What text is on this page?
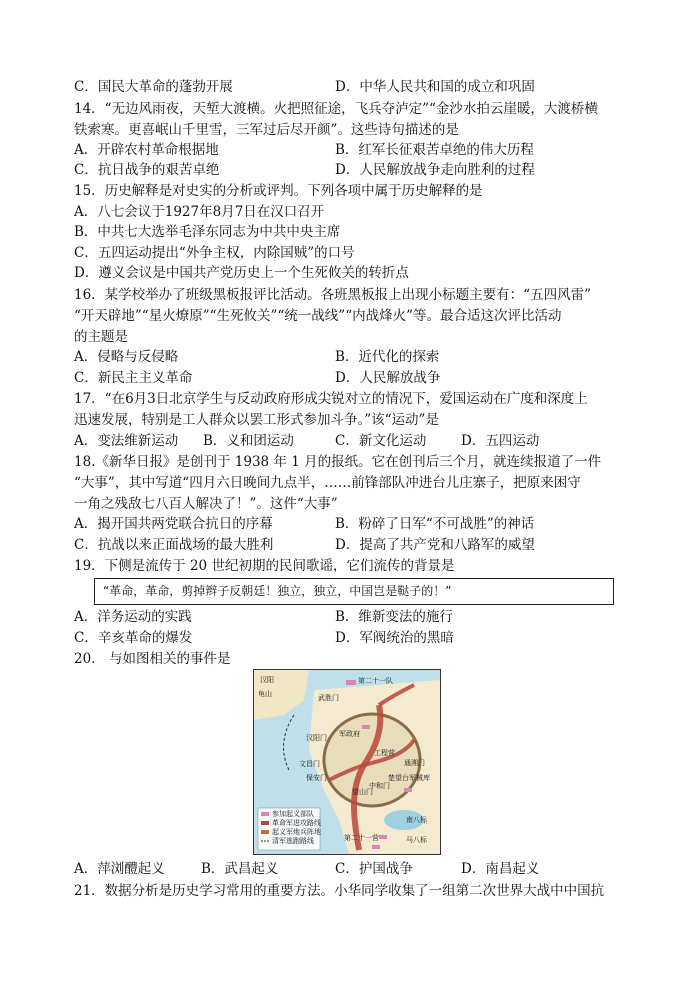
C．国民大革命的蓬勃开展	D．中华人民共和国的成立和巩固
14．“无边风雨夜，天堑大渡横。火把照征途，飞兵夺泸定”“金沙水拍云崖暖，大渡桥横
铁索寒。更喜岷山千里雪，三军过后尽开颜”。这些诗句描述的是
A．开辟农村革命根据地	B．红军长征艰苦卓绝的伟大历程
C．抗日战争的艰苦卓绝	D．人民解放战争走向胜利的过程
15．历史解释是对史实的分析或评判。下列各项中属于历史解释的是
A．八七会议于1927年8月7日在汉口召开
B．中共七大选举毛泽东同志为中共中央主席
C．五四运动提出“外争主权，内除国贼”的口号
D．遵义会议是中国共产党历史上一个生死攸关的转折点
16．某学校举办了班级黑板报评比活动。各班黑板报上出现小标题主要有：“五四风雷”
“开天辟地”“星火燎原”“生死攸关”“统一战线”“内战烽火”等。最合适这次评比活动
的主题是
A．侵略与反侵略	B．近代化的探索
C．新民主主义革命	D．人民解放战争
17．“在6月3日北京学生与反动政府形成尖锐对立的情况下，爱国运动在广度和深度上
迅速发展，特别是工人群众以罢工形式参加斗争。”该“运动”是
A．变法维新运动 B．义和团运动	C．新文化运动	D．五四运动
18.《新华日报》是创刊于 1938 年 1 月的报纸。它在创刊后三个月，就连续报道了一件
“大事”，其中写道“四月六日晚间九点半，……前锋部队冲进台儿庄寨子，把原来困守
一角之残敌七八百人解决了！”。这件“大事”
A．揭开国共两党联合抗日的序幕	B．粉碎了日军“不可战胜”的神话
C．抗战以来正面战场的最大胜利	D．提高了共产党和八路军的威望
19．下侧是流传于 20 世纪初期的民间歌谣，它们流传的背景是
“革命，革命，剪掉辫子反朝廷！独立，独立，中国岂是鞑子的！”
A．洋务运动的实践	B．维新变法的施行
C．辛亥革命的爆发	D．军阀统治的黑暗
20． 与如图相关的事件是
汉阳
龟山	武胜门
第二十一队
汉阳门
文昌门
保安门
望山门
通湘门
中和门
楚望台军械库
第二十一营
工程营
军政府
南八标
马八标
参加起义部队
革命军进攻路线
起义军炮兵阵地
清军逃跑路线
A．萍浏醴起义	B．武昌起义	C．护国战争	D．南昌起义
21．数据分析是历史学习常用的重要方法。小华同学收集了一组第二次世界大战中中国抗
